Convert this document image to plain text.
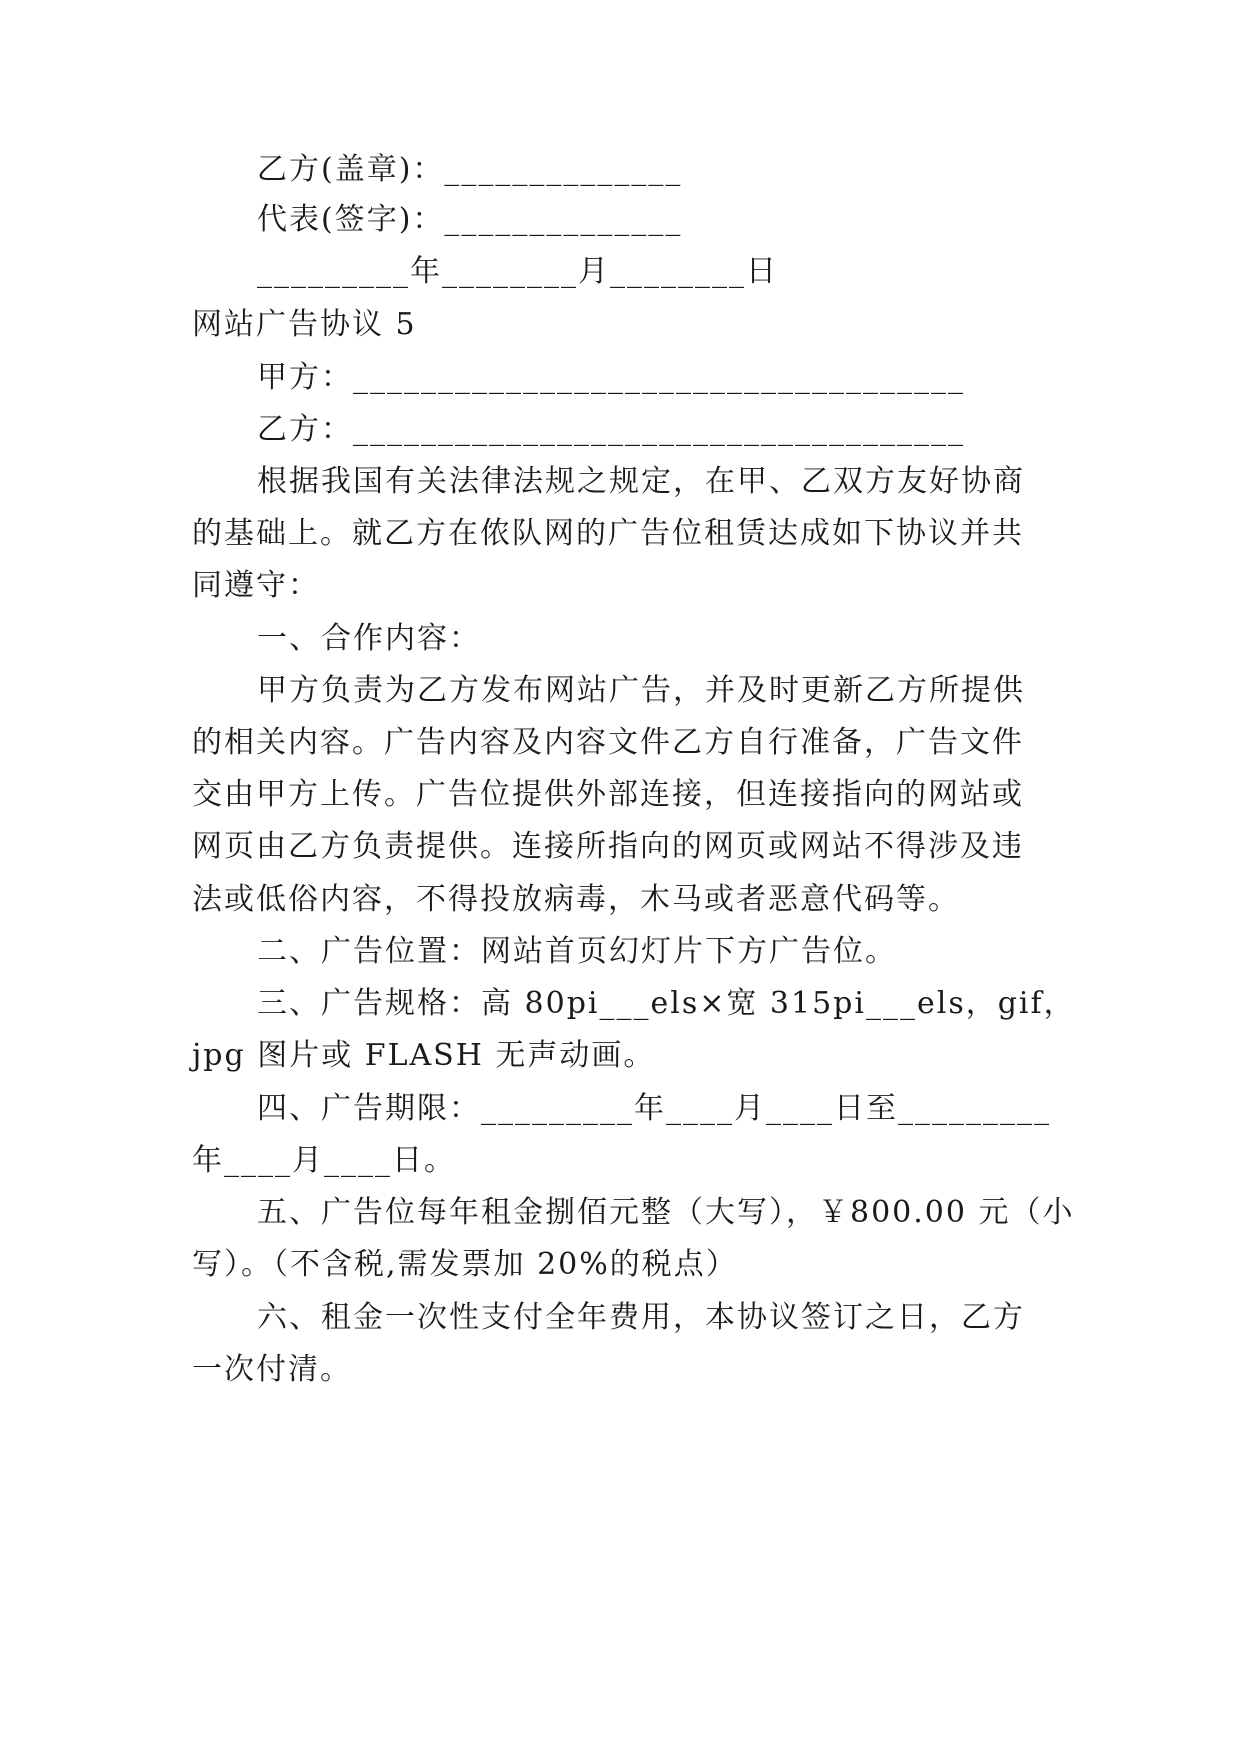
乙方(盖章)：______________
代表(签字)：______________
_________年________月________日
网站广告协议 5
甲方：____________________________________
乙方：____________________________________
根据我国有关法律法规之规定，在甲、乙双方友好协商
的基础上。就乙方在侬队网的广告位租赁达成如下协议并共
同遵守：
一、合作内容：
甲方负责为乙方发布网站广告，并及时更新乙方所提供
的相关内容。广告内容及内容文件乙方自行准备，广告文件
交由甲方上传。广告位提供外部连接，但连接指向的网站或
网页由乙方负责提供。连接所指向的网页或网站不得涉及违
法或低俗内容，不得投放病毒，木马或者恶意代码等。
二、广告位置：网站首页幻灯片下方广告位。
三、广告规格：高 80pi___els×宽 315pi___els，gif，
jpg 图片或 FLASH 无声动画。
四、广告期限：_________年____月____日至_________
年____月____日。
五、广告位每年租金捌佰元整（大写），￥800.00 元（小
写）。（不含税,需发票加 20%的税点）
六、租金一次性支付全年费用，本协议签订之日，乙方
一次付清。
